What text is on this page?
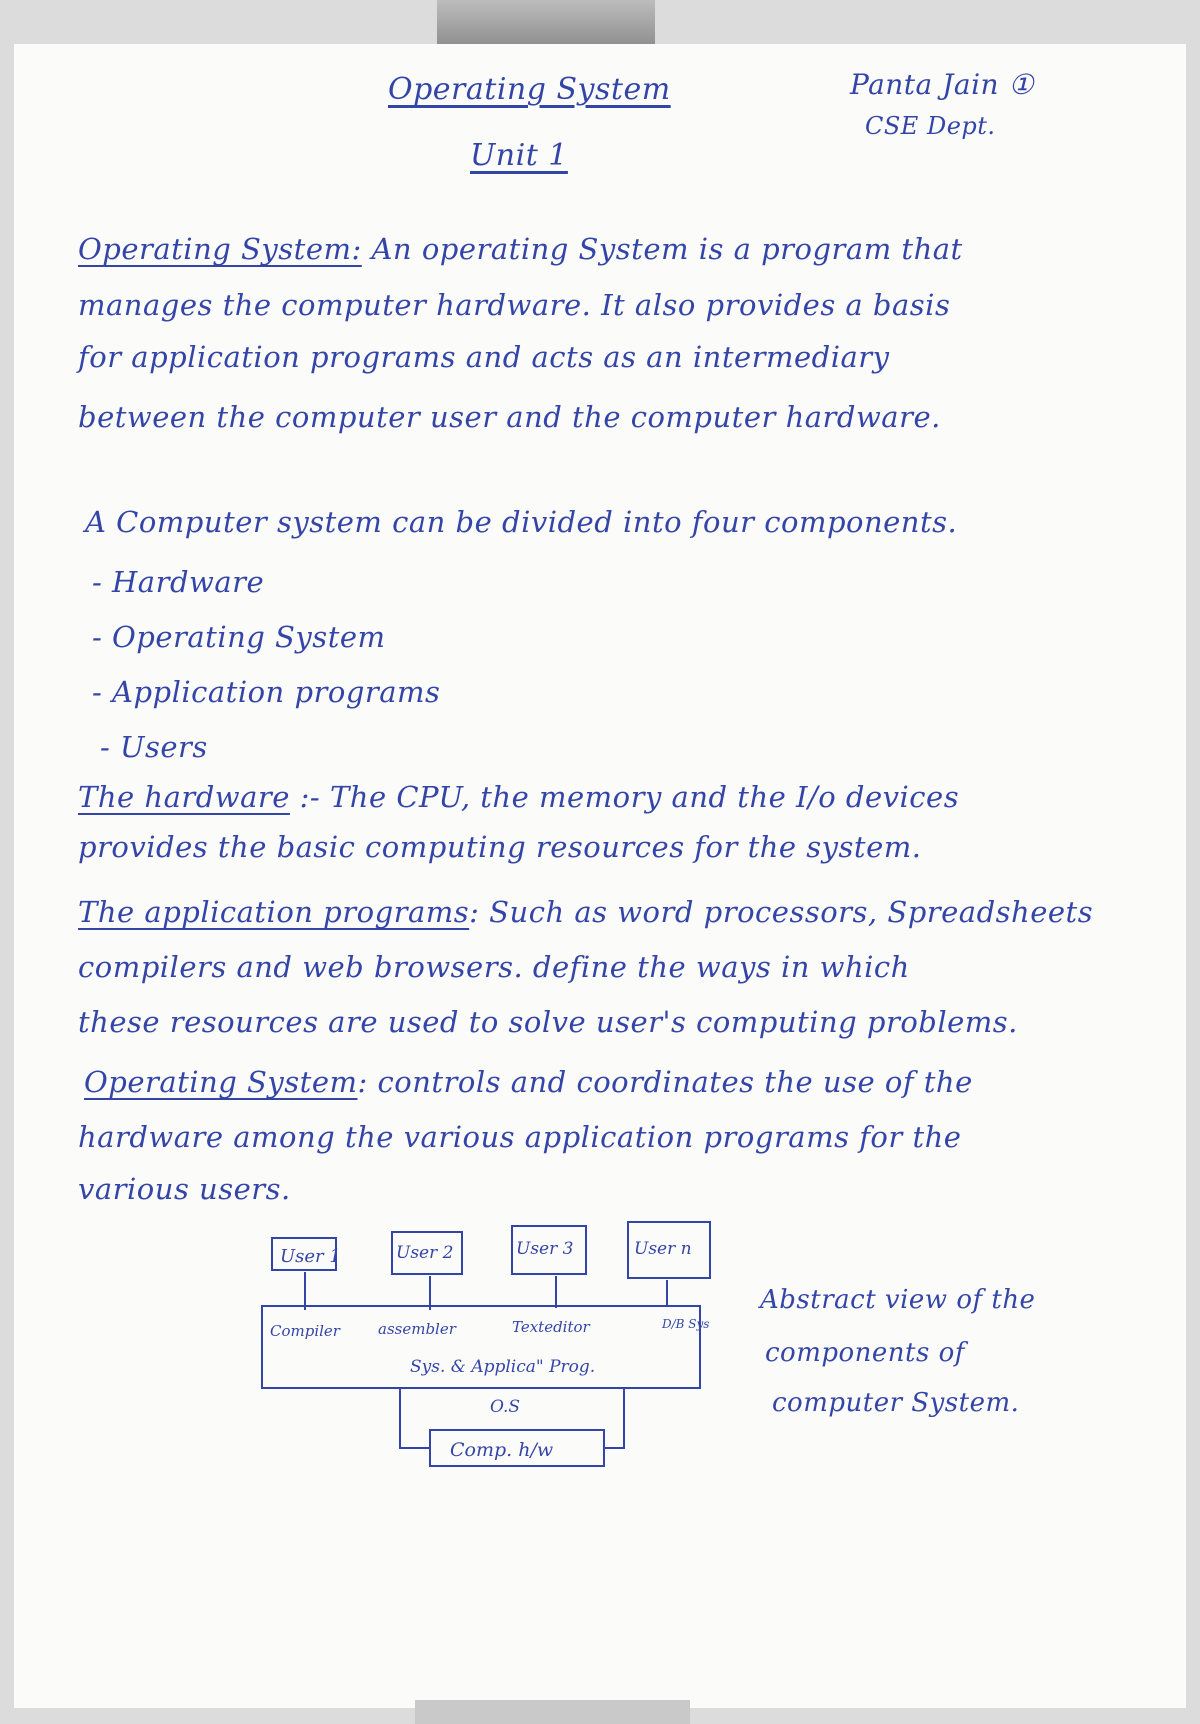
Operating System
Unit 1
Panta Jain ①
CSE Dept.
Operating System: An operating System is a program that
manages the computer hardware. It also provides a basis
for application programs and acts as an intermediary
between the computer user and the computer hardware.
A Computer system can be divided into four components.
- Hardware
- Operating System
- Application programs
- Users
The hardware :- The CPU, the memory and the I/o devices
provides the basic computing resources for the system.
The application programs: Such as word processors, Spreadsheets
compilers and web browsers. define the ways in which
these resources are used to solve user's computing problems.
Operating System: controls and coordinates the use of the
hardware among the various application programs for the
various users.
User 1	User 2	User 3	User n
Compiler	assembler	Texteditor	D/B Sys
Sys. & Applica" Prog.
O.S
Comp. h/w
Abstract view of the
components of
computer System.
